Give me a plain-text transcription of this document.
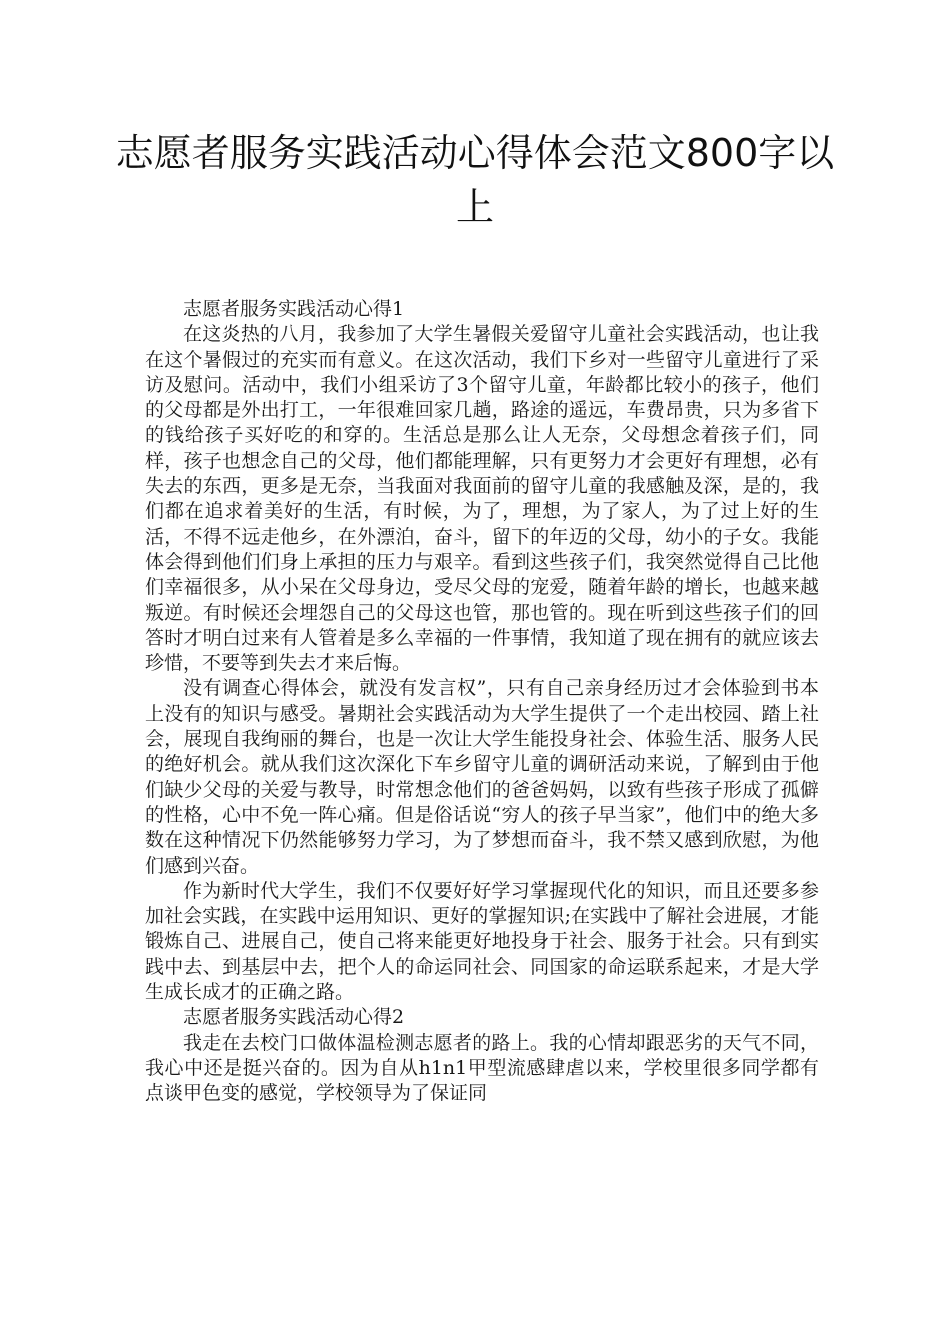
志愿者服务实践活动心得体会范文800字以上

志愿者服务实践活动心得1

在这炎热的八月，我参加了大学生暑假关爱留守儿童社会实践活动，也让我在这个暑假过的充实而有意义。在这次活动，我们下乡对一些留守儿童进行了采访及慰问。活动中，我们小组采访了3个留守儿童，年龄都比较小的孩子，他们的父母都是外出打工，一年很难回家几趟，路途的遥远，车费昂贵，只为多省下的钱给孩子买好吃的和穿的。生活总是那么让人无奈，父母想念着孩子们，同样，孩子也想念自己的父母，他们都能理解，只有更努力才会更好有理想，必有失去的东西，更多是无奈，当我面对我面前的留守儿童的我感触及深，是的，我们都在追求着美好的生活，有时候，为了，理想，为了家人，为了过上好的生活，不得不远走他乡，在外漂泊，奋斗，留下的年迈的父母，幼小的子女。我能体会得到他们们身上承担的压力与艰辛。看到这些孩子们，我突然觉得自己比他们幸福很多，从小呆在父母身边，受尽父母的宠爱，随着年龄的增长，也越来越叛逆。有时候还会埋怨自己的父母这也管，那也管的。现在听到这些孩子们的回答时才明白过来有人管着是多么幸福的一件事情，我知道了现在拥有的就应该去珍惜，不要等到失去才来后悔。

没有调查心得体会，就没有发言权”，只有自己亲身经历过才会体验到书本上没有的知识与感受。暑期社会实践活动为大学生提供了一个走出校园、踏上社会，展现自我绚丽的舞台，也是一次让大学生能投身社会、体验生活、服务人民的绝好机会。就从我们这次深化下车乡留守儿童的调研活动来说，了解到由于他们缺少父母的关爱与教导，时常想念他们的爸爸妈妈，以致有些孩子形成了孤僻的性格，心中不免一阵心痛。但是俗话说“穷人的孩子早当家”，他们中的绝大多数在这种情况下仍然能够努力学习，为了梦想而奋斗，我不禁又感到欣慰，为他们感到兴奋。

作为新时代大学生，我们不仅要好好学习掌握现代化的知识，而且还要多参加社会实践，在实践中运用知识、更好的掌握知识;在实践中了解社会进展，才能锻炼自己、进展自己，使自己将来能更好地投身于社会、服务于社会。只有到实践中去、到基层中去，把个人的命运同社会、同国家的命运联系起来，才是大学生成长成才的正确之路。

志愿者服务实践活动心得2

我走在去校门口做体温检测志愿者的路上。我的心情却跟恶劣的天气不同，我心中还是挺兴奋的。因为自从h1n1甲型流感肆虐以来，学校里很多同学都有点谈甲色变的感觉，学校领导为了保证同
